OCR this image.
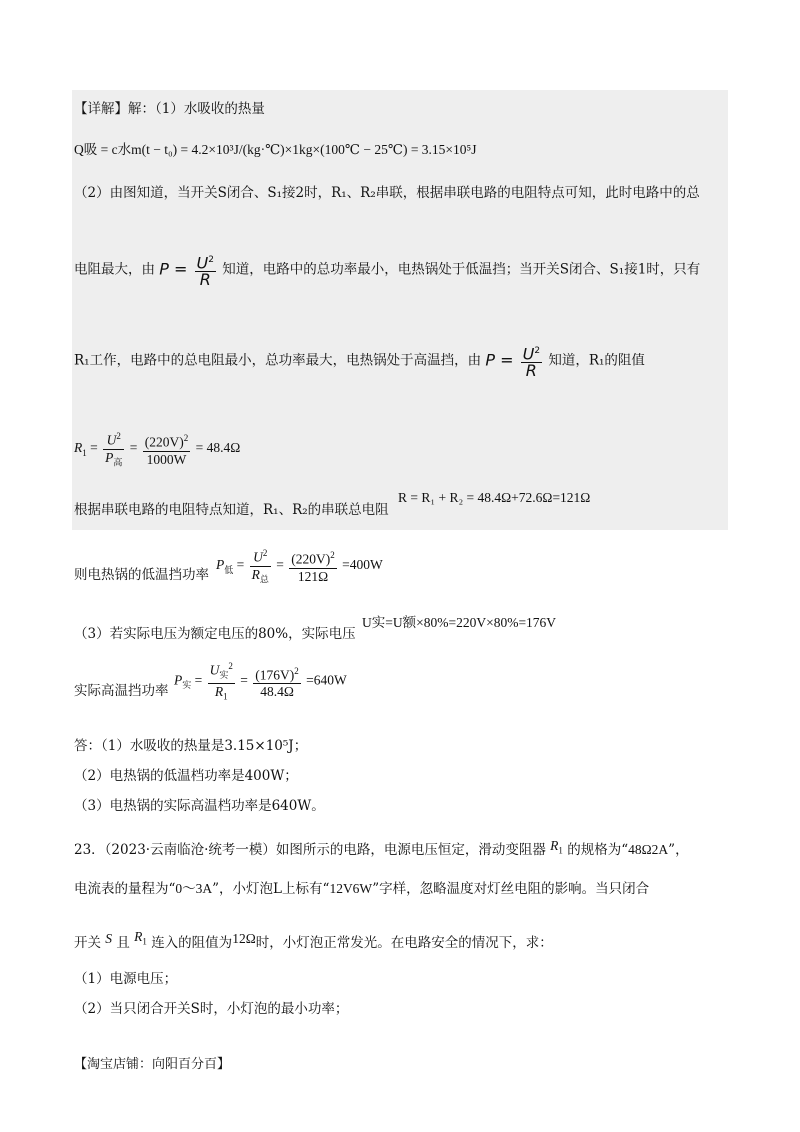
【详解】解：（1）水吸收的热量
Q吸 = c水m(t − t₀) = 4.2×10³J/(kg·℃)×1kg×(100℃ − 25℃) = 3.15×10⁵J
（2）由图知道，当开关S闭合、S₁接2时，R₁、R₂串联，根据串联电路的电阻特点可知，此时电路中的总
电阻最大，由 $P = \frac{U^2}{R}$ 知道，电路中的总功率最小，电热锅处于低温挡；当开关S闭合、S₁接1时，只有
R₁工作，电路中的总电阻最小，总功率最大，电热锅处于高温挡，由 $P = \frac{U^2}{R}$ 知道，R₁的阻值
$R_1 = \frac{U^2}{P_高} = \frac{(220V)^2}{1000W} = 48.4\Omega$
根据串联电路的电阻特点知道，R₁、R₂的串联总电阻
R = R₁ + R₂ = 48.4Ω+72.6Ω=121Ω
则电热锅的低温挡功率
$P_低 = \frac{U^2}{R_总} = \frac{(220V)^2}{121\Omega} =400W$
（3）若实际电压为额定电压的80%，实际电压
U实=U额×80%=220V×80%=176V
实际高温挡功率
$P_实 = \frac{U_实^2}{R_1} = \frac{(176V)^2}{48.4\Omega} =640W$
答：（1）水吸收的热量是3.15×10⁵J；
（2）电热锅的低温档功率是400W；
（3）电热锅的实际高温档功率是640W。
23．（2023·云南临沧·统考一模）如图所示的电路，电源电压恒定，滑动变阻器 $R_1$ 的规格为“48Ω2A”，
电流表的量程为“0～3A”，小灯泡L上标有“12V6W”字样，忽略温度对灯丝电阻的影响。当只闭合
开关 S 且 $R_1$ 连入的阻值为12Ω时，小灯泡正常发光。在电路安全的情况下，求：
（1）电源电压；
（2）当只闭合开关S时，小灯泡的最小功率；
【淘宝店铺：向阳百分百】
